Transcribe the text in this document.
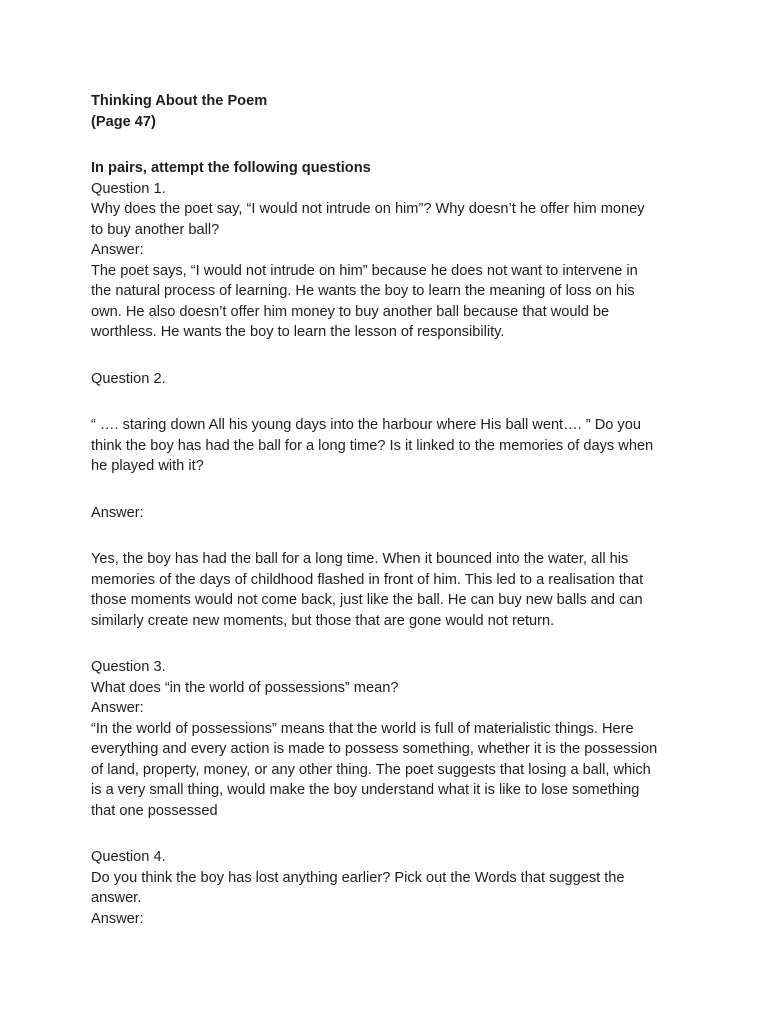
Thinking About the Poem
(Page 47)
In pairs, attempt the following questions
Question 1.
Why does the poet say, “I would not intrude on him”? Why doesn’t he offer him money
to buy another ball?
Answer:
The poet says, “I would not intrude on him” because he does not want to intervene in
the natural process of learning. He wants the boy to learn the meaning of loss on his
own. He also doesn’t offer him money to buy another ball because that would be
worthless. He wants the boy to learn the lesson of responsibility.
Question 2.
“ …. staring down All his young days into the harbour where His ball went…. ” Do you
think the boy has had the ball for a long time? Is it linked to the memories of days when
he played with it?
Answer:
Yes, the boy has had the ball for a long time. When it bounced into the water, all his
memories of the days of childhood flashed in front of him. This led to a realisation that
those moments would not come back, just like the ball. He can buy new balls and can
similarly create new moments, but those that are gone would not return.
Question 3.
What does “in the world of possessions” mean?
Answer:
“In the world of possessions” means that the world is full of materialistic things. Here
everything and every action is made to possess something, whether it is the possession
of land, property, money, or any other thing. The poet suggests that losing a ball, which
is a very small thing, would make the boy understand what it is like to lose something
that one possessed
Question 4.
Do you think the boy has lost anything earlier? Pick out the Words that suggest the
answer.
Answer:
